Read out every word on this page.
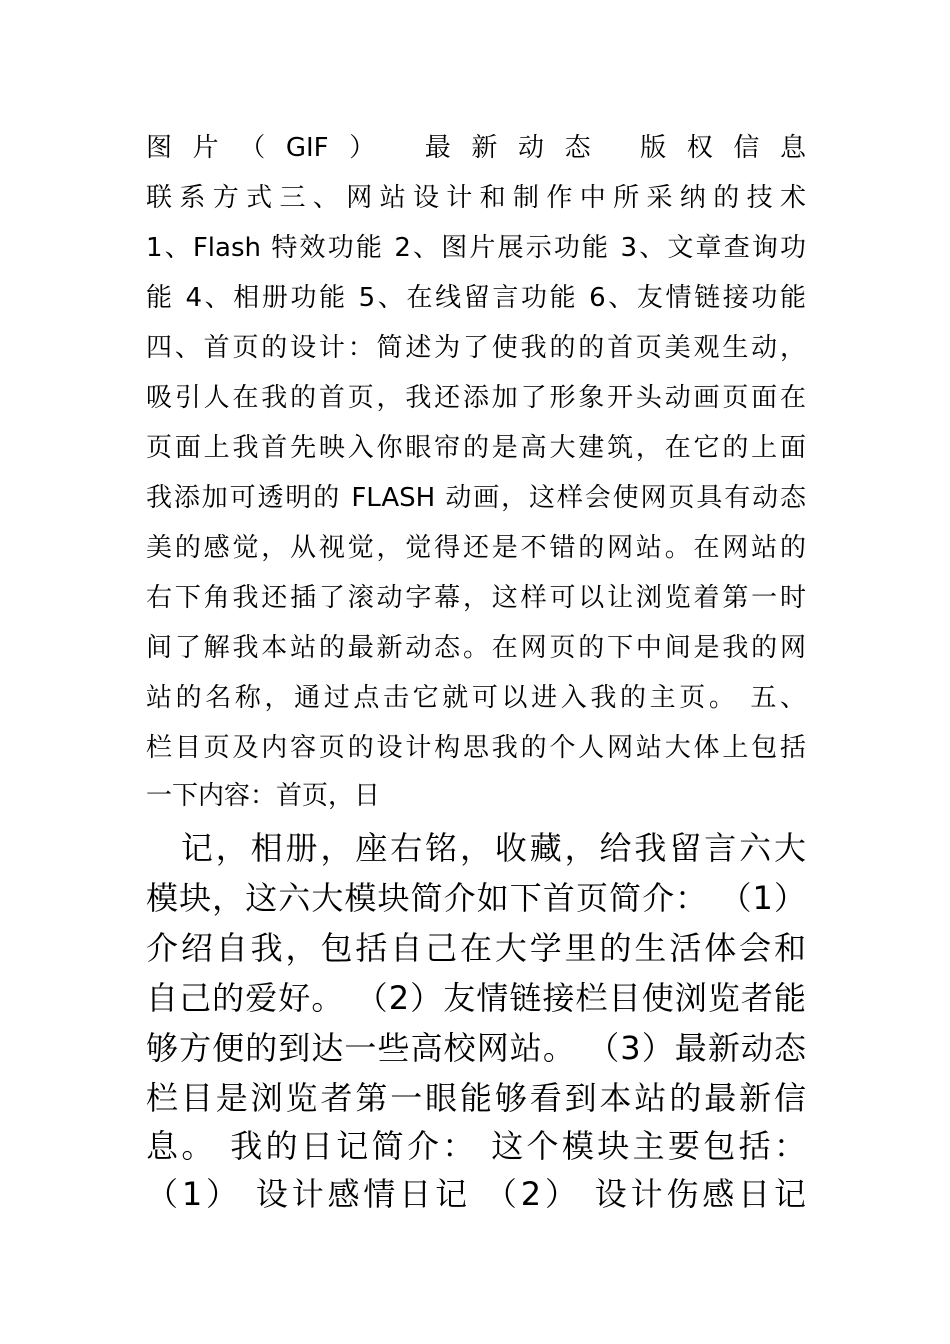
图片（GIF） 最新动态 版权信息
联系方式三、网站设计和制作中所采纳的技术
1、Flash 特效功能 2、图片展示功能 3、文章查询功
能 4、相册功能 5、在线留言功能 6、友情链接功能
四、首页的设计：简述为了使我的的首页美观生动，
吸引人在我的首页，我还添加了形象开头动画页面在
页面上我首先映入你眼帘的是高大建筑，在它的上面
我添加可透明的 FLASH 动画，这样会使网页具有动态
美的感觉，从视觉，觉得还是不错的网站。在网站的
右下角我还插了滚动字幕，这样可以让浏览着第一时
间了解我本站的最新动态。在网页的下中间是我的网
站的名称，通过点击它就可以进入我的主页。 五、
栏目页及内容页的设计构思我的个人网站大体上包括
一下内容：首页，日
　记，相册，座右铭，收藏，给我留言六大
模块，这六大模块简介如下首页简介： （1）
介绍自我，包括自己在大学里的生活体会和
自己的爱好。 （2）友情链接栏目使浏览者能
够方便的到达一些高校网站。 （3）最新动态
栏目是浏览者第一眼能够看到本站的最新信
息。 我的日记简介： 这个模块主要包括：
（1） 设计感情日记 （2） 设计伤感日记
